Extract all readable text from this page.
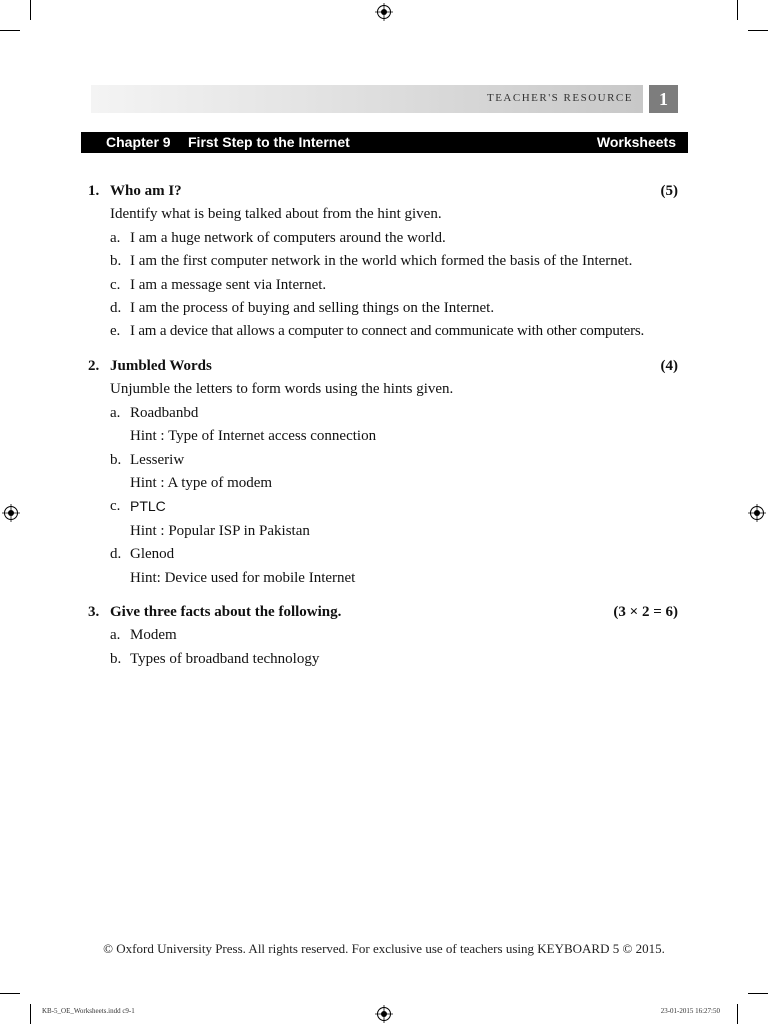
TEACHER'S RESOURCE	1
Chapter 9 First Step to the Internet	Worksheets
1. Who am I?	(5)
Identify what is being talked about from the hint given.
a. I am a huge network of computers around the world.
b. I am the first computer network in the world which formed the basis of the Internet.
c. I am a message sent via Internet.
d. I am the process of buying and selling things on the Internet.
e. I am a device that allows a computer to connect and communicate with other computers.
2. Jumbled Words	(4)
Unjumble the letters to form words using the hints given.
a. Roadbanbd
Hint : Type of Internet access connection
b. Lesseriw
Hint : A type of modem
c. PTLC
Hint : Popular ISP in Pakistan
d. Glenod
Hint: Device used for mobile Internet
3. Give three facts about the following.	(3 × 2 = 6)
a. Modem
b. Types of broadband technology
© Oxford University Press. All rights reserved. For exclusive use of teachers using KEYBOARD 5 © 2015.
KB-5_OE_Worksheets.indd c9-1	23-01-2015 16:27:50
